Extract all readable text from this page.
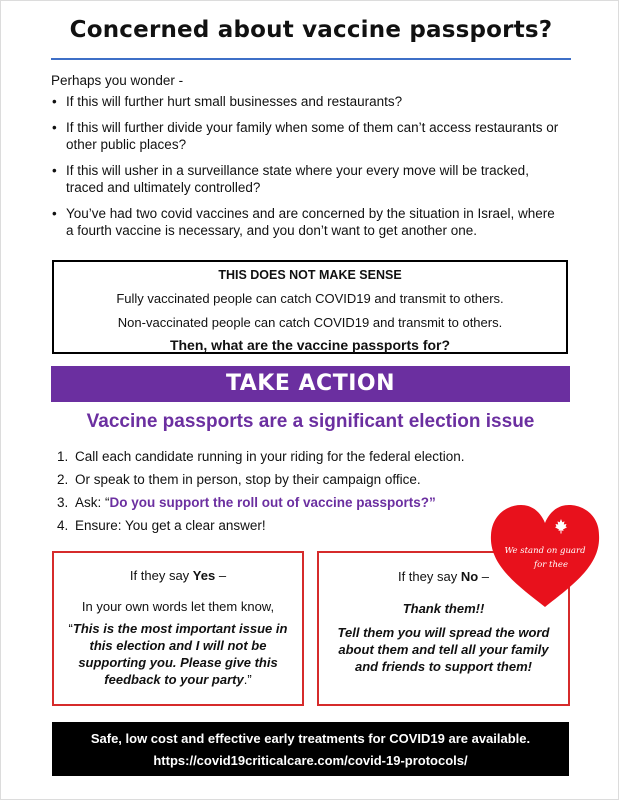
Concerned about vaccine passports?
Perhaps you wonder -
• If this will further hurt small businesses and restaurants?
• If this will further divide your family when some of them can’t access restaurants or other public places?
• If this will usher in a surveillance state where your every move will be tracked, traced and ultimately controlled?
• You’ve had two covid vaccines and are concerned by the situation in Israel, where a fourth vaccine is necessary, and you don’t want to get another one.
THIS DOES NOT MAKE SENSE
Fully vaccinated people can catch COVID19 and transmit to others.
Non-vaccinated people can catch COVID19 and transmit to others.
Then, what are the vaccine passports for?
TAKE ACTION
Vaccine passports are a significant election issue
1. Call each candidate running in your riding for the federal election.
2. Or speak to them in person, stop by their campaign office.
3. Ask: “Do you support the roll out of vaccine passports?”
4. Ensure: You get a clear answer!
If they say Yes –
In your own words let them know,
“This is the most important issue in this election and I will not be supporting you. Please give this feedback to your party.”
If they say No –
Thank them!!
Tell them you will spread the word about them and tell all your family and friends to support them!
We stand on guard
for thee
Safe, low cost and effective early treatments for COVID19 are available.
https://covid19criticalcare.com/covid-19-protocols/
